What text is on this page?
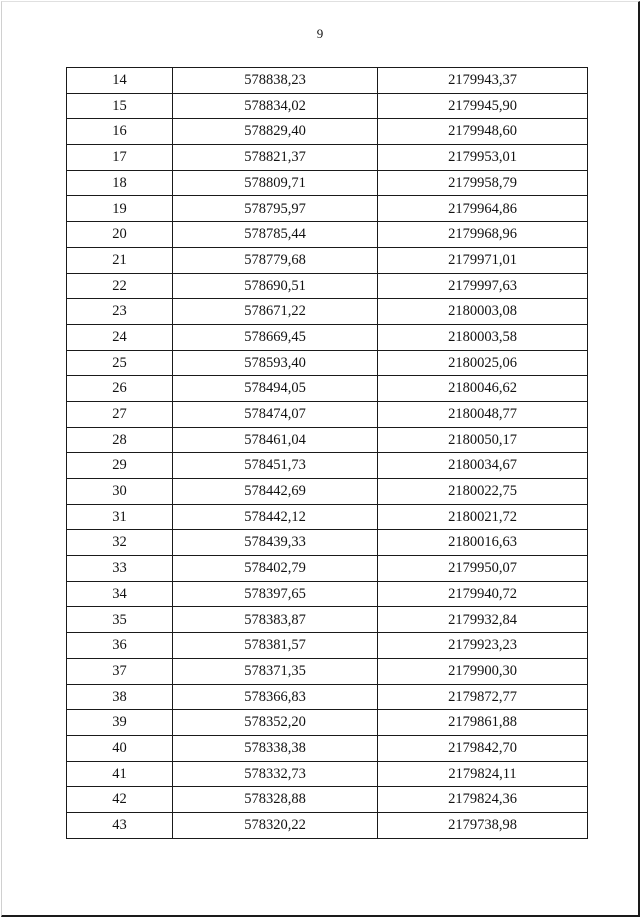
9
14	578838,23	2179943,37
15	578834,02	2179945,90
16	578829,40	2179948,60
17	578821,37	2179953,01
18	578809,71	2179958,79
19	578795,97	2179964,86
20	578785,44	2179968,96
21	578779,68	2179971,01
22	578690,51	2179997,63
23	578671,22	2180003,08
24	578669,45	2180003,58
25	578593,40	2180025,06
26	578494,05	2180046,62
27	578474,07	2180048,77
28	578461,04	2180050,17
29	578451,73	2180034,67
30	578442,69	2180022,75
31	578442,12	2180021,72
32	578439,33	2180016,63
33	578402,79	2179950,07
34	578397,65	2179940,72
35	578383,87	2179932,84
36	578381,57	2179923,23
37	578371,35	2179900,30
38	578366,83	2179872,77
39	578352,20	2179861,88
40	578338,38	2179842,70
41	578332,73	2179824,11
42	578328,88	2179824,36
43	578320,22	2179738,98
